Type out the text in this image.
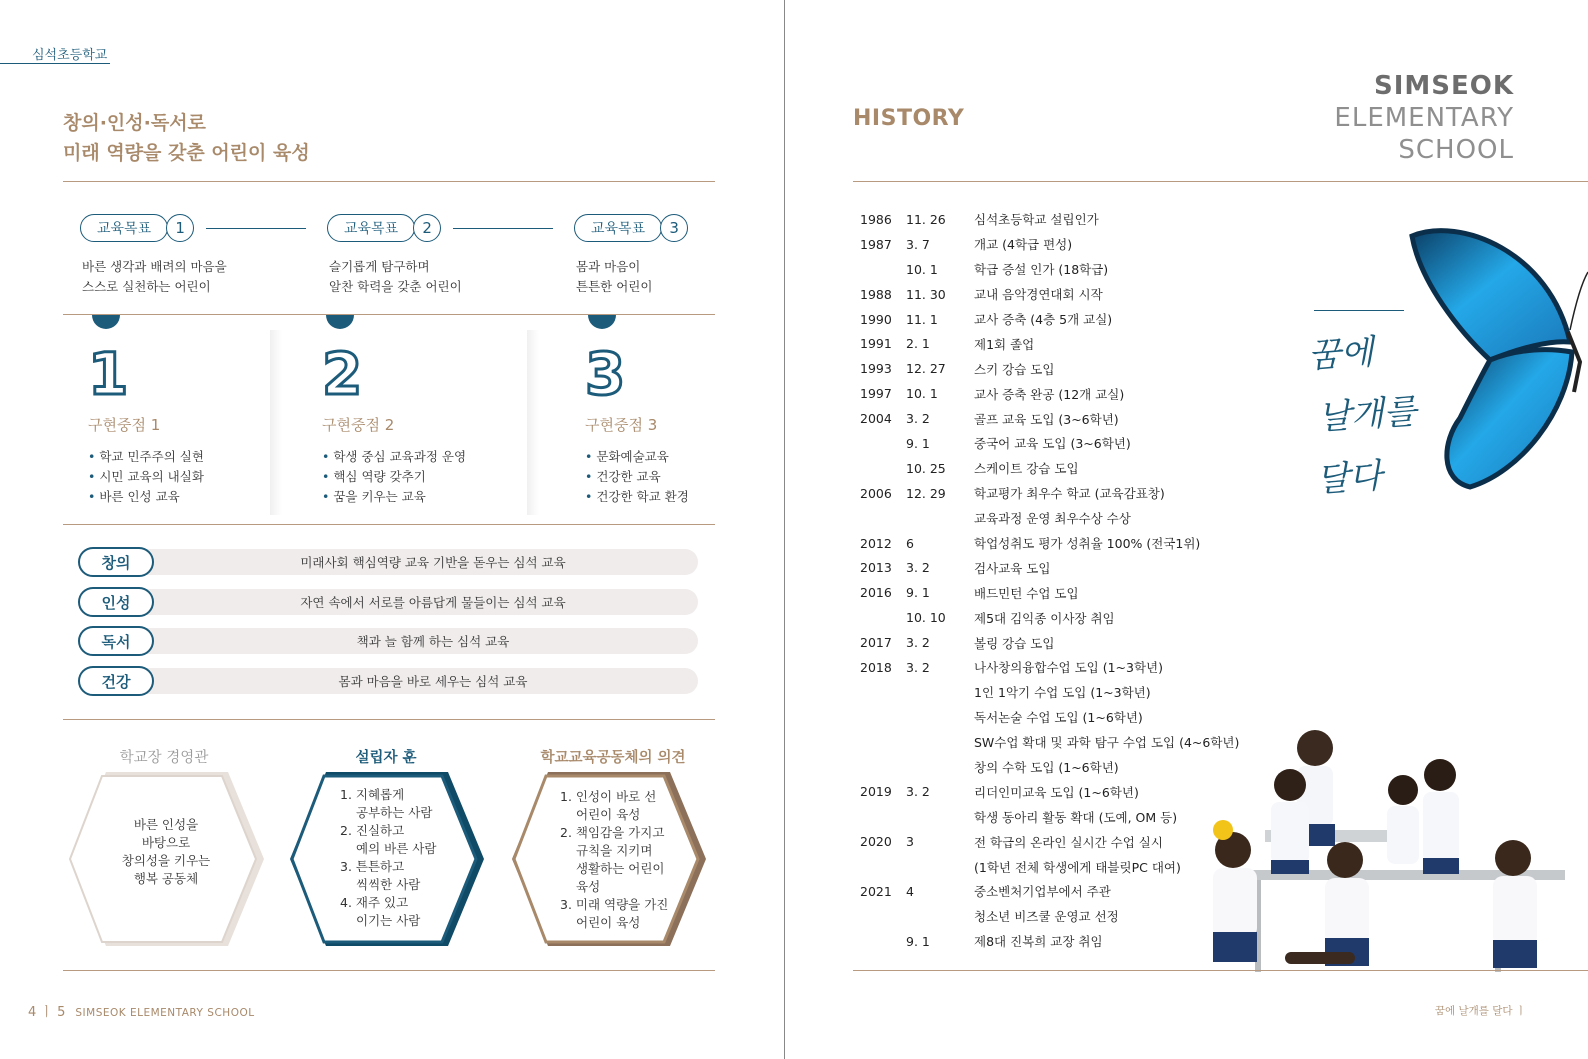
심석초등학교
창의·인성·독서로
미래 역량을 갖춘 어린이 육성
교육목표	1
바른 생각과 배려의 마음을
스스로 실천하는 어린이
교육목표	2
슬기롭게 탐구하며
알찬 학력을 갖춘 어린이
교육목표	3
몸과 마음이
튼튼한 어린이
1
구현중점 1
• 학교 민주주의 실현
• 시민 교육의 내실화
• 바른 인성 교육
2
구현중점 2
• 학생 중심 교육과정 운영
• 핵심 역량 갖추기
• 꿈을 키우는 교육
3
구현중점 3
• 문화예술교육
• 건강한 교육
• 건강한 학교 환경
미래사회 핵심역량 교육 기반을 돋우는 심석 교육
창의
자연 속에서 서로를 아름답게 물들이는 심석 교육
인성
책과 늘 함께 하는 심석 교육
독서
몸과 마음을 바로 세우는 심석 교육
건강
학교장 경영관
바른 인성을
바탕으로
창의성을 키우는
행복 공동체
설립자 훈
1. 지혜롭게
공부하는 사람
2. 진실하고
예의 바른 사람
3. 튼튼하고
씩씩한 사람
4. 재주 있고
이기는 사람
학교교육공동체의 의견
1. 인성이 바로 선
어린이 육성
2. 책임감을 가지고
규칙을 지키며
생활하는 어린이
육성
3. 미래 역량을 가진
어린이 육성
4 ㅣ 5 SIMSEOK ELEMENTARY SCHOOL
HISTORY
SIMSEOK
ELEMENTARY
SCHOOL
1986	11. 26	심석초등학교 설립인가
1987	3. 7	개교 (4학급 편성)
10. 1	학급 증설 인가 (18학급)
1988	11. 30	교내 음악경연대회 시작
1990	11. 1	교사 증축 (4층 5개 교실)
1991	2. 1	제1회 졸업
1993	12. 27	스키 강습 도입
1997	10. 1	교사 증축 완공 (12개 교실)
2004	3. 2	골프 교육 도입 (3~6학년)
9. 1	중국어 교육 도입 (3~6학년)
10. 25	스케이트 강습 도입
2006	12. 29	학교평가 최우수 학교 (교육감표창)
교육과정 운영 최우수상 수상
2012	6	학업성취도 평가 성취율 100% (전국1위)
2013	3. 2	검사교육 도입
2016	9. 1	배드민턴 수업 도입
10. 10	제5대 김익종 이사장 취임
2017	3. 2	볼링 강습 도입
2018	3. 2	나사창의융합수업 도입 (1~3학년)
1인 1악기 수업 도입 (1~3학년)
독서논술 수업 도입 (1~6학년)
SW수업 확대 및 과학 탐구 수업 도입 (4~6학년)
창의 수학 도입 (1~6학년)
2019	3. 2	리더인미교육 도입 (1~6학년)
학생 동아리 활동 확대 (도예, OM 등)
2020	3	전 학급의 온라인 실시간 수업 실시
(1학년 전체 학생에게 태블릿PC 대여)
2021	4	중소벤처기업부에서 주관
청소년 비즈쿨 운영교 선정
9. 1	제8대 진복희 교장 취임
꿈에
날개를
달다
꿈에 날개를 달다 ㅣ
